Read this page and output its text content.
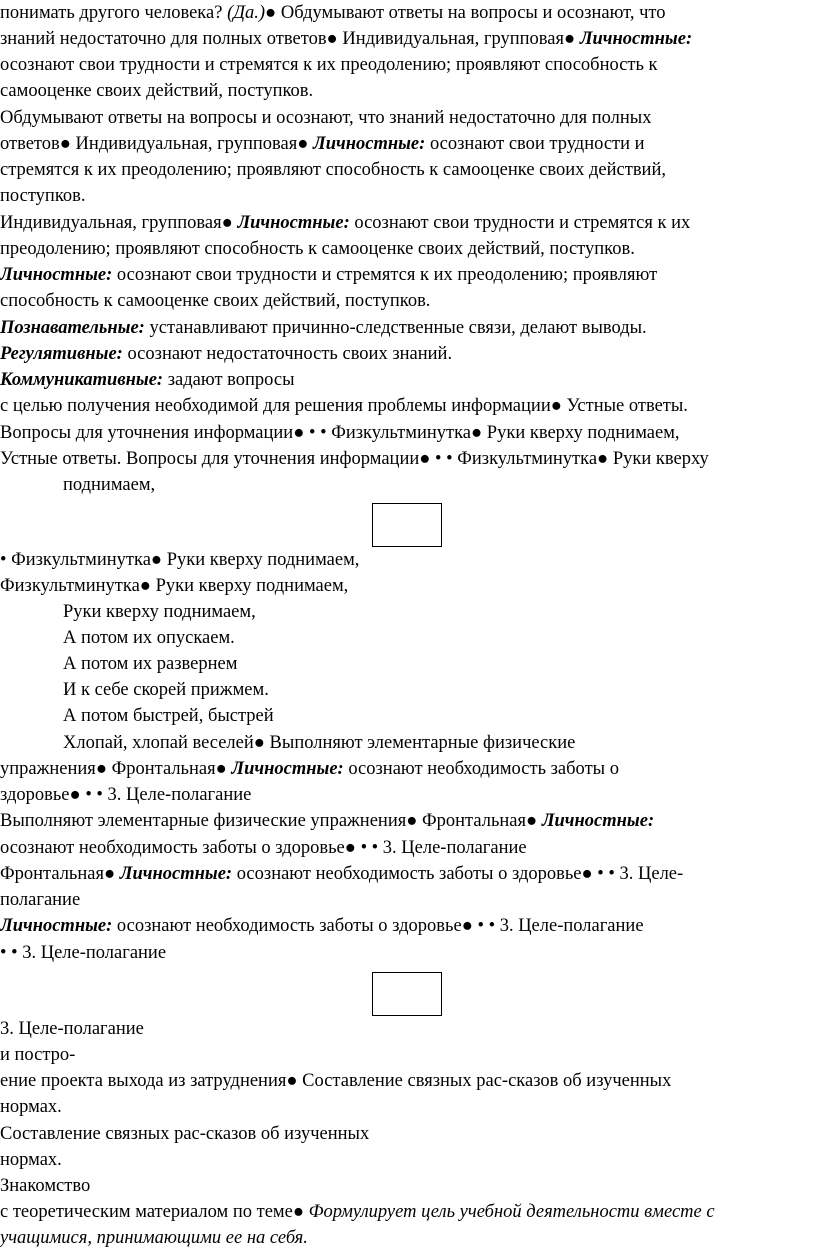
понимать другого человека? (Да.)● Обдумывают ответы на вопросы и осознают, что
знаний недостаточно для полных ответов● Индивидуальная, групповая● Личностные:
осознают свои трудности и стремятся к их преодолению; проявляют способность к
самооценке своих действий, поступков.
Обдумывают ответы на вопросы и осознают, что знаний недостаточно для полных
ответов● Индивидуальная, групповая● Личностные: осознают свои трудности и
стремятся к их преодолению; проявляют способность к самооценке своих действий,
поступков.
Индивидуальная, групповая● Личностные: осознают свои трудности и стремятся к их
преодолению; проявляют способность к самооценке своих действий, поступков.
Личностные: осознают свои трудности и стремятся к их преодолению; проявляют
способность к самооценке своих действий, поступков.
Познавательные: устанавливают причинно-следственные связи, делают выводы.
Регулятивные: осознают недостаточность своих знаний.
Коммуникативные: задают вопросы
с целью получения необходимой для решения проблемы информации● Устные ответы.
Вопросы для уточнения информации● • • Физкультминутка● Руки кверху поднимаем,
Устные ответы. Вопросы для уточнения информации● • • Физкультминутка● Руки кверху
поднимаем,
• Физкультминутка● Руки кверху поднимаем,
Физкультминутка● Руки кверху поднимаем,
Руки кверху поднимаем,
А потом их опускаем.
А потом их развернем
И к себе скорей прижмем.
А потом быстрей, быстрей
Хлопай, хлопай веселей● Выполняют элементарные физические
упражнения● Фронтальная● Личностные: осознают необходимость заботы о
здоровье● • • 3. Целе-полагание
Выполняют элементарные физические упражнения● Фронтальная● Личностные:
осознают необходимость заботы о здоровье● • • 3. Целе-полагание
Фронтальная● Личностные: осознают необходимость заботы о здоровье● • • 3. Целе-
полагание
Личностные: осознают необходимость заботы о здоровье● • • 3. Целе-полагание
• • 3. Целе-полагание
3. Целе-полагание
и постро-
ение проекта выхода из затруднения● Составление связных рас-сказов об изученных
нормах.
Составление связных рас-сказов об изученных
нормах.
Знакомство
с теоретическим материалом по теме● Формулирует цель учебной деятельности вместе с
учащимися, принимающими ее на себя.
